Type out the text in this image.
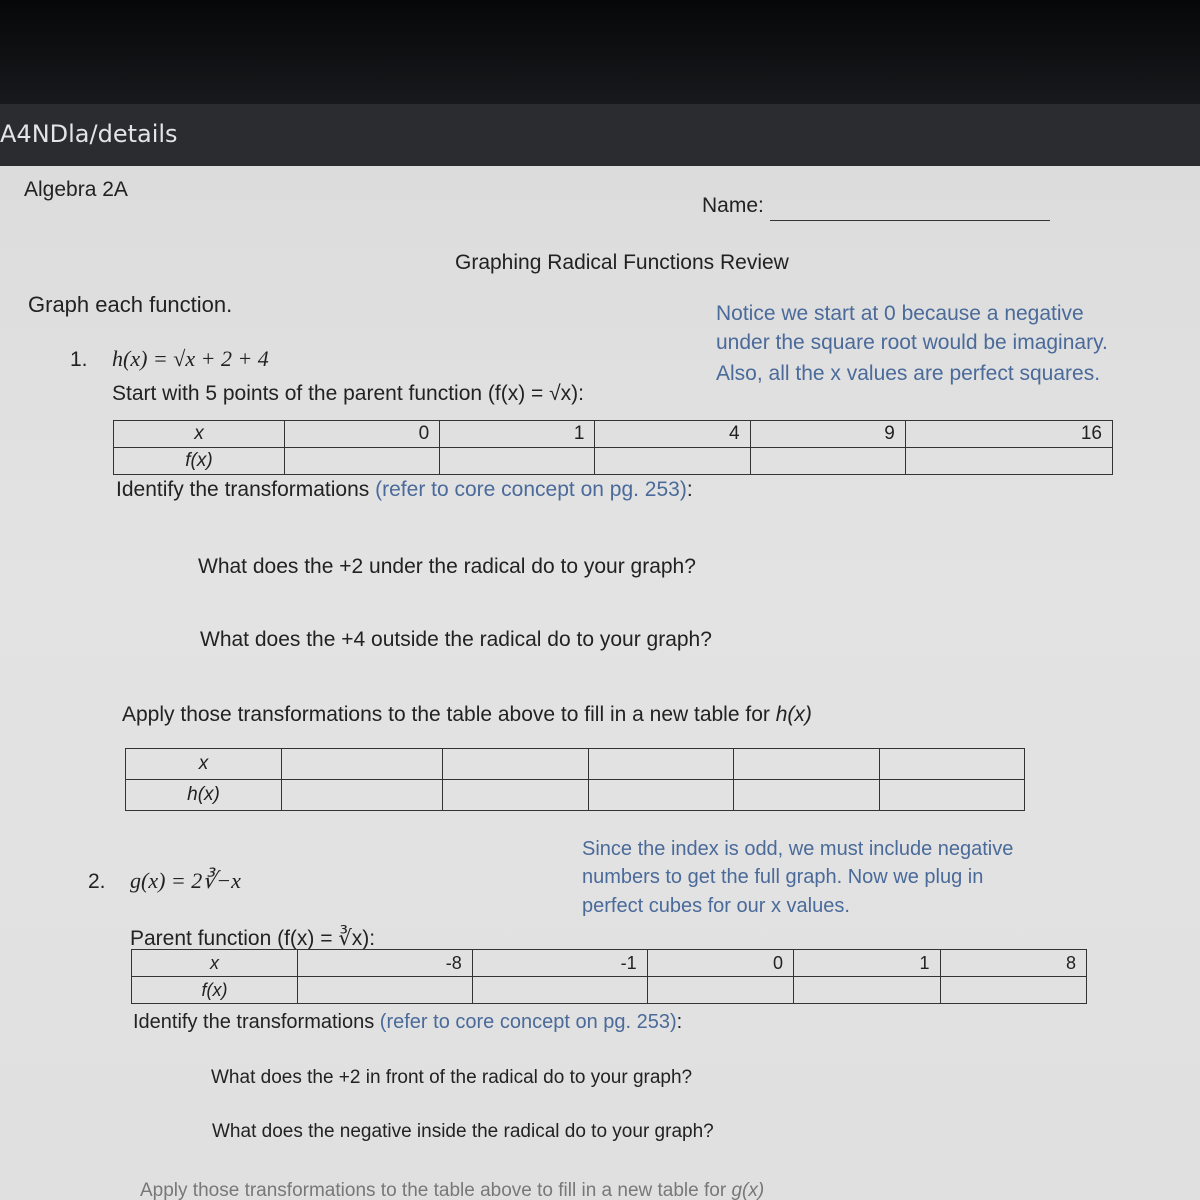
A4NDla/details
Algebra 2A
Name:
Graphing Radical Functions Review
Graph each function.	Notice we start at 0 because a negative
under the square root would be imaginary.
Also, all the x values are perfect squares.
1. h(x) = √x + 2 + 4
Start with 5 points of the parent function (f(x) = √x):
x	0	1	4	9	16
f(x)					
Identify the transformations (refer to core concept on pg. 253):
What does the +2 under the radical do to your graph?
What does the +4 outside the radical do to your graph?
Apply those transformations to the table above to fill in a new table for h(x)
x					
h(x)					
Since the index is odd, we must include negative
numbers to get the full graph. Now we plug in
perfect cubes for our x values.
2. g(x) = 2∛−x
Parent function (f(x) = ∛x):
x	-8	-1	0	1	8
f(x)					
Identify the transformations (refer to core concept on pg. 253):
What does the +2 in front of the radical do to your graph?
What does the negative inside the radical do to your graph?
Apply those transformations to the table above to fill in a new table for g(x)
